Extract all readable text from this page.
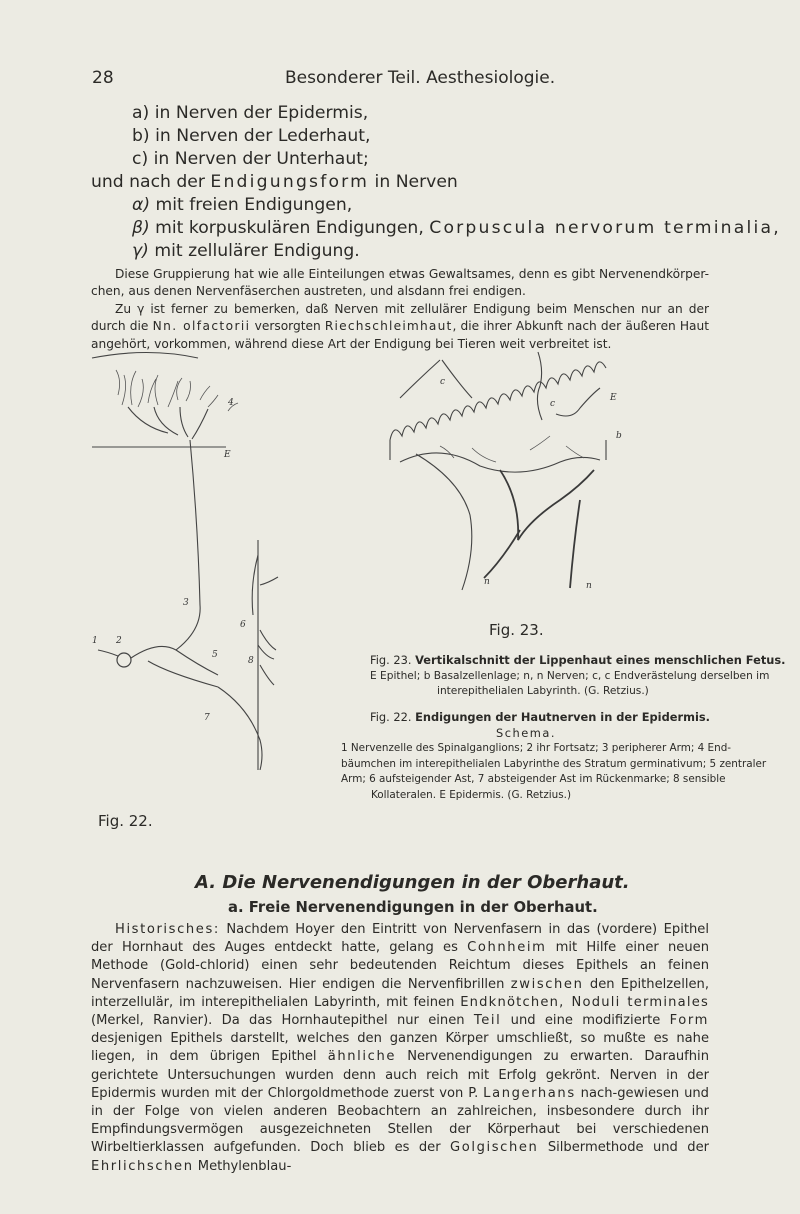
28	Besonderer Teil. Aesthesiologie.
a) in Nerven der Epidermis,
b) in Nerven der Lederhaut,
c) in Nerven der Unterhaut;
und nach der Endigungsform in Nerven
α) mit freien Endigungen,
β) mit korpuskulären Endigungen, Corpuscula nervorum terminalia,
γ) mit zellulärer Endigung.

Diese Gruppierung hat wie alle Einteilungen etwas Gewaltsames, denn es gibt Nervenendkörper-chen, aus denen Nervenfäserchen austreten, und alsdann frei endigen.

Zu γ ist ferner zu bemerken, daß Nerven mit zellulärer Endigung beim Menschen nur an der durch die Nn. olfactorii versorgten Riechschleimhaut, die ihrer Abkunft nach der äußeren Haut angehört, vorkommen, während diese Art der Endigung bei Tieren weit verbreitet ist.

E
3
1 2
4
5
6
7
8
Fig. 22.
c
c
E
b
n	n
Fig. 23.
Fig. 23. Vertikalschnitt der Lippenhaut eines menschlichen Fetus.
E Epithel; b Basalzellenlage; n, n Nerven; c, c Endverästelung derselben im
interepithelialen Labyrinth. (G. Retzius.)
Fig. 22. Endigungen der Hautnerven in der Epidermis.
Schema.
1 Nervenzelle des Spinalganglions; 2 ihr Fortsatz; 3 peripherer Arm; 4 End-
bäumchen im interepithelialen Labyrinthe des Stratum germinativum; 5 zentraler
Arm; 6 aufsteigender Ast, 7 absteigender Ast im Rückenmarke; 8 sensible
Kollateralen. E Epidermis. (G. Retzius.)
A. Die Nervenendigungen in der Oberhaut.
a. Freie Nervenendigungen in der Oberhaut.
Historisches: Nachdem Hoyer den Eintritt von Nervenfasern in das (vordere) Epithel der Hornhaut des Auges entdeckt hatte, gelang es Cohnheim mit Hilfe einer neuen Methode (Gold-chlorid) einen sehr bedeutenden Reichtum dieses Epithels an feinen Nervenfasern nachzuweisen. Hier endigen die Nervenfibrillen zwischen den Epithelzellen, interzellulär, im interepithelialen Labyrinth, mit feinen Endknötchen, Noduli terminales (Merkel, Ranvier). Da das Hornhautepithel nur einen Teil und eine modifizierte Form desjenigen Epithels darstellt, welches den ganzen Körper umschließt, so mußte es nahe liegen, in dem übrigen Epithel ähnliche Nervenendigungen zu erwarten. Daraufhin gerichtete Untersuchungen wurden denn auch reich mit Erfolg gekrönt. Nerven in der Epidermis wurden mit der Chlorgoldmethode zuerst von P. Langerhans nach-gewiesen und in der Folge von vielen anderen Beobachtern an zahlreichen, insbesondere durch ihr Empfindungsvermögen ausgezeichneten Stellen der Körperhaut bei verschiedenen Wirbeltierklassen aufgefunden. Doch blieb es der Golgischen Silbermethode und der Ehrlichschen Methylenblau-
